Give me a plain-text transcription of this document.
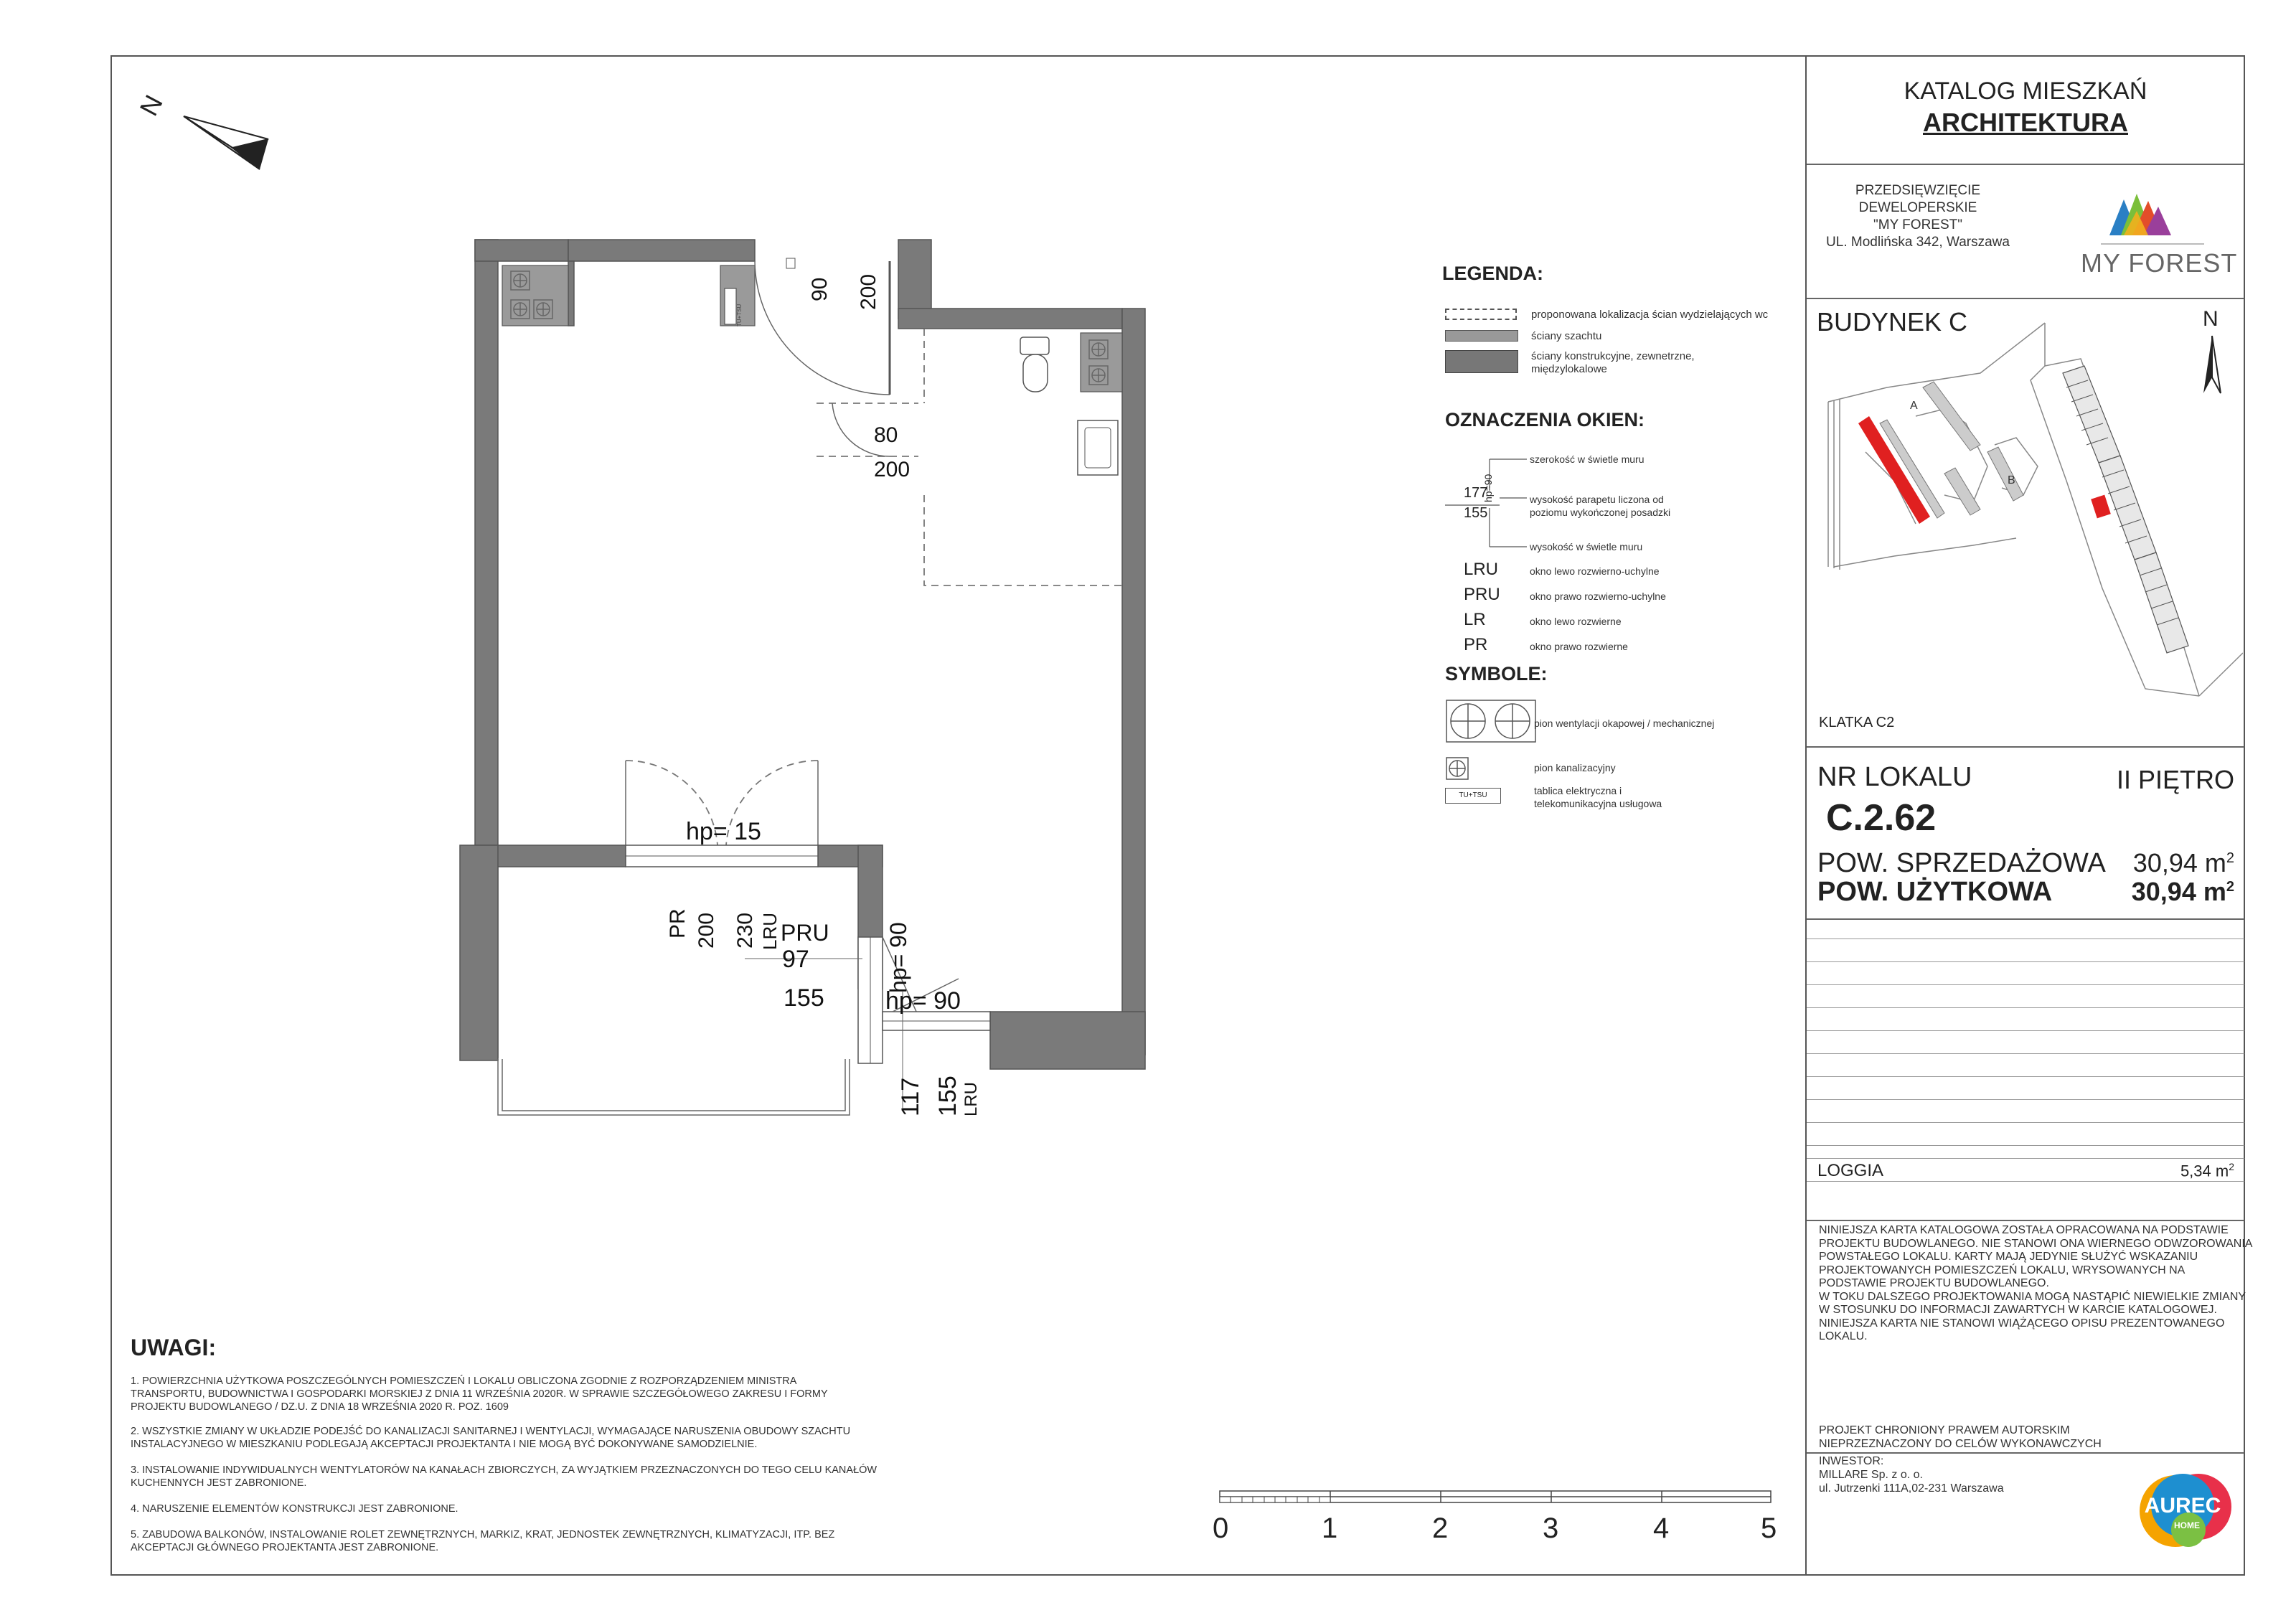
KATALOG MIESZKAŃ
ARCHITEKTURA
PRZEDSIĘWZIĘCIE
DEWELOPERSKIE
"MY FOREST"
UL. Modlińska 342, Warszawa
MY FOREST
BUDYNEK C	N
A
B
KLATKA C2
NR LOKALU	II PIĘTRO
C.2.62
POW. SPRZEDAŻOWA	30,94 $m^2$
POW. UŻYTKOWA	30,94 $m^2$
LOGGIA	5,34 $m^2$
NINIEJSZA KARTA KATALOGOWA ZOSTAŁA OPRACOWANA NA PODSTAWIE
PROJEKTU BUDOWLANEGO. NIE STANOWI ONA WIERNEGO ODWZOROWANIA
POWSTAŁEGO LOKALU. KARTY MAJĄ JEDYNIE SŁUŻYĆ WSKAZANIU
PROJEKTOWANYCH POMIESZCZEŃ LOKALU, WRYSOWANYCH NA
PODSTAWIE PROJEKTU BUDOWLANEGO.
W TOKU DALSZEGO PROJEKTOWANIA MOGĄ NASTĄPIĆ NIEWIELKIE ZMIANY
W STOSUNKU DO INFORMACJI ZAWARTYCH W KARCIE KATALOGOWEJ.
NINIEJSZA KARTA NIE STANOWI WIĄŻĄCEGO OPISU PREZENTOWANEGO
LOKALU.
PROJEKT CHRONIONY PRAWEM AUTORSKIM
NIEPRZEZNACZONY DO CELÓW WYKONAWCZYCH
INWESTOR:
MILLARE Sp. z o. o.
ul. Jutrzenki 111A,02-231 Warszawa
AUREC
HOME
LEGENDA:
proponowana lokalizacja ścian wydzielających wc
ściany szachtu
ściany konstrukcyjne, zewnetrzne,
międzylokalowe
OZNACZENIA OKIEN:
177
155
hp=90
szerokość w świetle muru
wysokość parapetu liczona od
poziomu wykończonej posadzki
wysokość w świetle muru
LRU	okno lewo rozwierno-uchylne
PRU	okno prawo rozwierno-uchylne
LR	okno lewo rozwierne
PR	okno prawo rozwierne
SYMBOLE:
pion wentylacji okapowej / mechanicznej
pion kanalizacyjny
TU+TSU	tablica elektryczna i
telekomunikacyjna usługowa
N
90 200
80
200
hp= 15
PR 200 230 LRU PRU
97
155
hp= 90
hp= 90
117 155 LRU
TU+TSU
UWAGI:
1. POWIERZCHNIA UŻYTKOWA POSZCZEGÓLNYCH POMIESZCZEŃ I LOKALU OBLICZONA ZGODNIE Z ROZPORZĄDZENIEM MINISTRA
TRANSPORTU, BUDOWNICTWA I GOSPODARKI MORSKIEJ Z DNIA 11 WRZEŚNIA 2020R. W SPRAWIE SZCZEGÓŁOWEGO ZAKRESU I FORMY
PROJEKTU BUDOWLANEGO / DZ.U. Z DNIA 18 WRZEŚNIA 2020 R. POZ. 1609
2. WSZYSTKIE ZMIANY W UKŁADZIE PODEJŚĆ DO KANALIZACJI SANITARNEJ I WENTYLACJI, WYMAGAJĄCE NARUSZENIA OBUDOWY SZACHTU
INSTALACYJNEGO W MIESZKANIU PODLEGAJĄ AKCEPTACJI PROJEKTANTA I NIE MOGĄ BYĆ DOKONYWANE SAMODZIELNIE.
3. INSTALOWANIE INDYWIDUALNYCH WENTYLATORÓW NA KANAŁACH ZBIORCZYCH, ZA WYJĄTKIEM PRZEZNACZONYCH DO TEGO CELU KANAŁÓW
KUCHENNYCH JEST ZABRONIONE.
4. NARUSZENIE ELEMENTÓW KONSTRUKCJI JEST ZABRONIONE.
5. ZABUDOWA BALKONÓW, INSTALOWANIE ROLET ZEWNĘTRZNYCH, MARKIZ, KRAT, JEDNOSTEK ZEWNĘTRZNYCH, KLIMATYZACJI, ITP. BEZ
AKCEPTACJI GŁÓWNEGO PROJEKTANTA JEST ZABRONIONE.
0	1	2	3	4	5
